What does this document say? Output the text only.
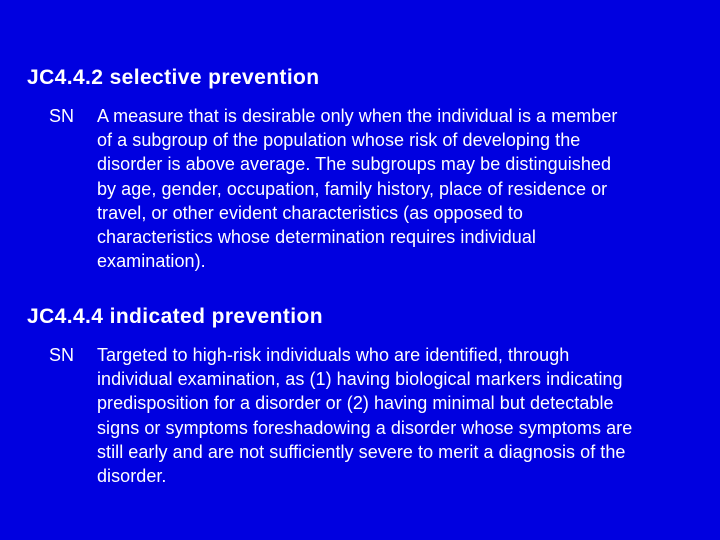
JC4.4.2 selective prevention
SN A measure that is desirable only when the individual is a member
of a subgroup of the population whose risk of developing the
disorder is above average. The subgroups may be distinguished
by age, gender, occupation, family history, place of residence or
travel, or other evident characteristics (as opposed to
characteristics whose determination requires individual
examination).
JC4.4.4 indicated prevention
SN Targeted to high-risk individuals who are identified, through
individual examination, as (1) having biological markers indicating
predisposition for a disorder or (2) having minimal but detectable
signs or symptoms foreshadowing a disorder whose symptoms are
still early and are not sufficiently severe to merit a diagnosis of the
disorder.
